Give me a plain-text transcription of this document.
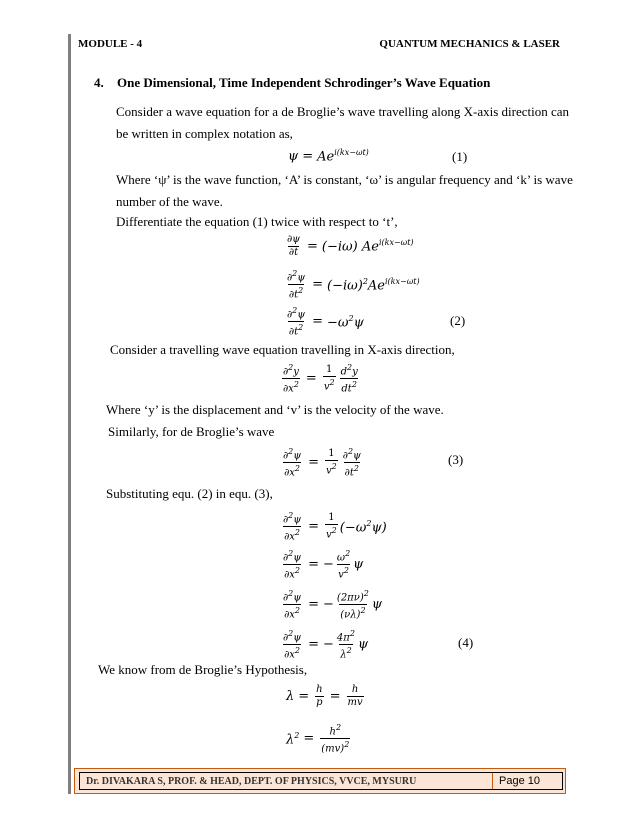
MODULE - 4	QUANTUM MECHANICS & LASER
4. One Dimensional, Time Independent Schrodinger’s Wave Equation
Consider a wave equation for a de Broglie’s wave travelling along X-axis direction can
be written in complex notation as,
$\psi = Ae^{i(kx-\omega t)}$	(1)
Where ‘ψ’ is the wave function, ‘A’ is constant, ‘ω’ is angular frequency and ‘k’ is wave
number of the wave.
Differentiate the equation (1) twice with respect to ‘t’,
$\frac{\partial\psi}{\partial t} = (-i\omega)$ $Ae^{i(kx-\omega t)}$
$\frac{\partial^2\psi}{\partial t^2} = (-i\omega)^2Ae^{i(kx-\omega t)}$
$\frac{\partial^2\psi}{\partial t^2} = -\omega^2\psi$	(2)
Consider a travelling wave equation travelling in X-axis direction,
$\frac{\partial^2y}{\partial x^2} = \frac{1}{v^2} \frac{d^2y}{dt^2}$
Where ‘y’ is the displacement and ‘v’ is the velocity of the wave.
Similarly, for de Broglie’s wave
$\frac{\partial^2\psi}{\partial x^2} = \frac{1}{v^2} \frac{\partial^2\psi}{\partial t^2}$	(3)
Substituting equ. (2) in equ. (3),
$\frac{\partial^2\psi}{\partial x^2} = \frac{1}{v^2} (-\omega^2\psi)$
$\frac{\partial^2\psi}{\partial x^2}$ = − $\frac{\omega^2}{v^2}$ ψ
$\frac{\partial^2\psi}{\partial x^2}$ = − $\frac{(2\pi\nu)^2}{(\nu\lambda)^2}$ ψ
$\frac{\partial^2\psi}{\partial x^2}$ = − $\frac{4\pi^2}{\lambda^2}$ ψ	(4)
We know from de Broglie’s Hypothesis,
$\lambda = \frac{h}{p} = \frac{h}{mv}$
$\lambda^2 = \frac{h^2}{(mv)^2}$
Dr. DIVAKARA S, PROF. & HEAD, DEPT. OF PHYSICS, VVCE, MYSURU	Page 10
